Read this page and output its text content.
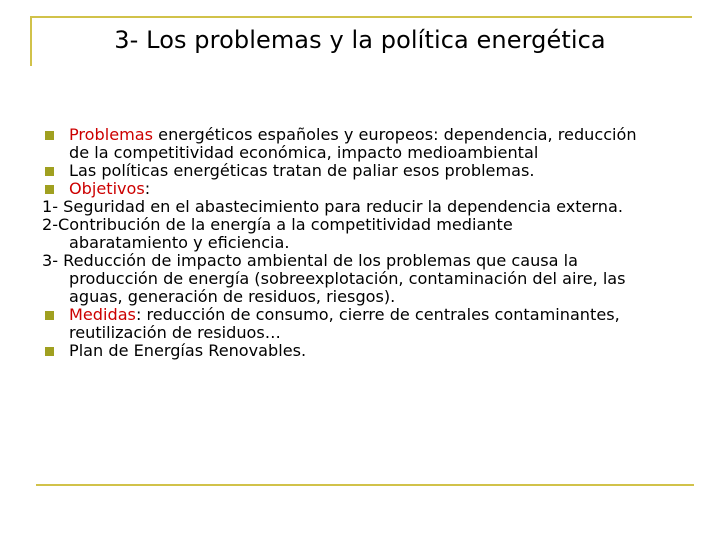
3- Los problemas y la política energética
Problemas energéticos españoles y europeos: dependencia, reducción
de la competitividad económica, impacto medioambiental
Las políticas energéticas tratan de paliar esos problemas.
Objetivos:
1- Seguridad en el abastecimiento para reducir la dependencia externa.
2-Contribución de la energía a la competitividad mediante
abaratamiento y eficiencia.
3- Reducción de impacto ambiental de los problemas que causa la
producción de energía (sobreexplotación, contaminación del aire, las
aguas, generación de residuos, riesgos).
Medidas: reducción de consumo, cierre de centrales contaminantes,
reutilización de residuos…
Plan de Energías Renovables.
